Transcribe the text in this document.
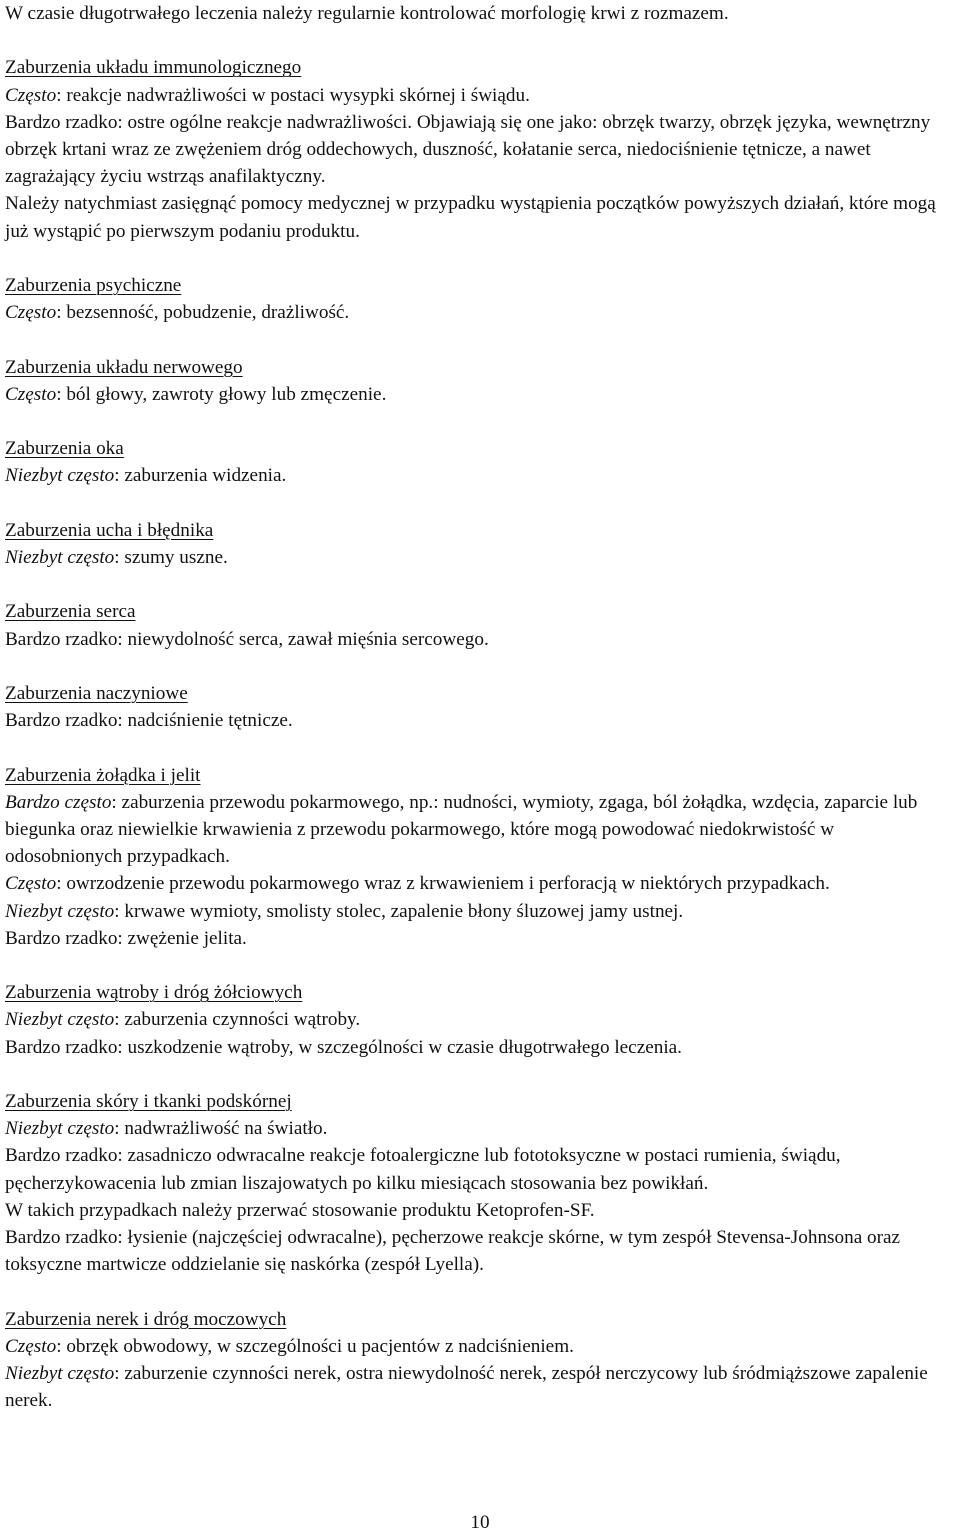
W czasie długotrwałego leczenia należy regularnie kontrolować morfologię krwi z rozmazem.

Zaburzenia układu immunologicznego

Często: reakcje nadwrażliwości w postaci wysypki skórnej i świądu.

Bardzo rzadko: ostre ogólne reakcje nadwrażliwości. Objawiają się one jako: obrzęk twarzy, obrzęk języka, wewnętrzny obrzęk krtani wraz ze zwężeniem dróg oddechowych, duszność, kołatanie serca, niedociśnienie tętnicze, a nawet zagrażający życiu wstrząs anafilaktyczny.

Należy natychmiast zasięgnąć pomocy medycznej w przypadku wystąpienia początków powyższych działań, które mogą już wystąpić po pierwszym podaniu produktu.

Zaburzenia psychiczne

Często: bezsenność, pobudzenie, drażliwość.

Zaburzenia układu nerwowego

Często: ból głowy, zawroty głowy lub zmęczenie.

Zaburzenia oka

Niezbyt często: zaburzenia widzenia.

Zaburzenia ucha i błędnika

Niezbyt często: szumy uszne.

Zaburzenia serca

Bardzo rzadko: niewydolność serca, zawał mięśnia sercowego.

Zaburzenia naczyniowe

Bardzo rzadko: nadciśnienie tętnicze.

Zaburzenia żołądka i jelit

Bardzo często: zaburzenia przewodu pokarmowego, np.: nudności, wymioty, zgaga, ból żołądka, wzdęcia, zaparcie lub biegunka oraz niewielkie krwawienia z przewodu pokarmowego, które mogą powodować niedokrwistość w odosobnionych przypadkach.

Często: owrzodzenie przewodu pokarmowego wraz z krwawieniem i perforacją w niektórych przypadkach.

Niezbyt często: krwawe wymioty, smolisty stolec, zapalenie błony śluzowej jamy ustnej.

Bardzo rzadko: zwężenie jelita.

Zaburzenia wątroby i dróg żółciowych

Niezbyt często: zaburzenia czynności wątroby.

Bardzo rzadko: uszkodzenie wątroby, w szczególności w czasie długotrwałego leczenia.

Zaburzenia skóry i tkanki podskórnej

Niezbyt często: nadwrażliwość na światło.

Bardzo rzadko: zasadniczo odwracalne reakcje fotoalergiczne lub fototoksyczne w postaci rumienia, świądu, pęcherzykowacenia lub zmian liszajowatych po kilku miesiącach stosowania bez powikłań.

W takich przypadkach należy przerwać stosowanie produktu Ketoprofen-SF.

Bardzo rzadko: łysienie (najczęściej odwracalne), pęcherzowe reakcje skórne, w tym zespół Stevensa-Johnsona oraz toksyczne martwicze oddzielanie się naskórka (zespół Lyella).

Zaburzenia nerek i dróg moczowych

Często: obrzęk obwodowy, w szczególności u pacjentów z nadciśnieniem.

Niezbyt często: zaburzenie czynności nerek, ostra niewydolność nerek, zespół nerczycowy lub śródmiąższowe zapalenie nerek.

10
